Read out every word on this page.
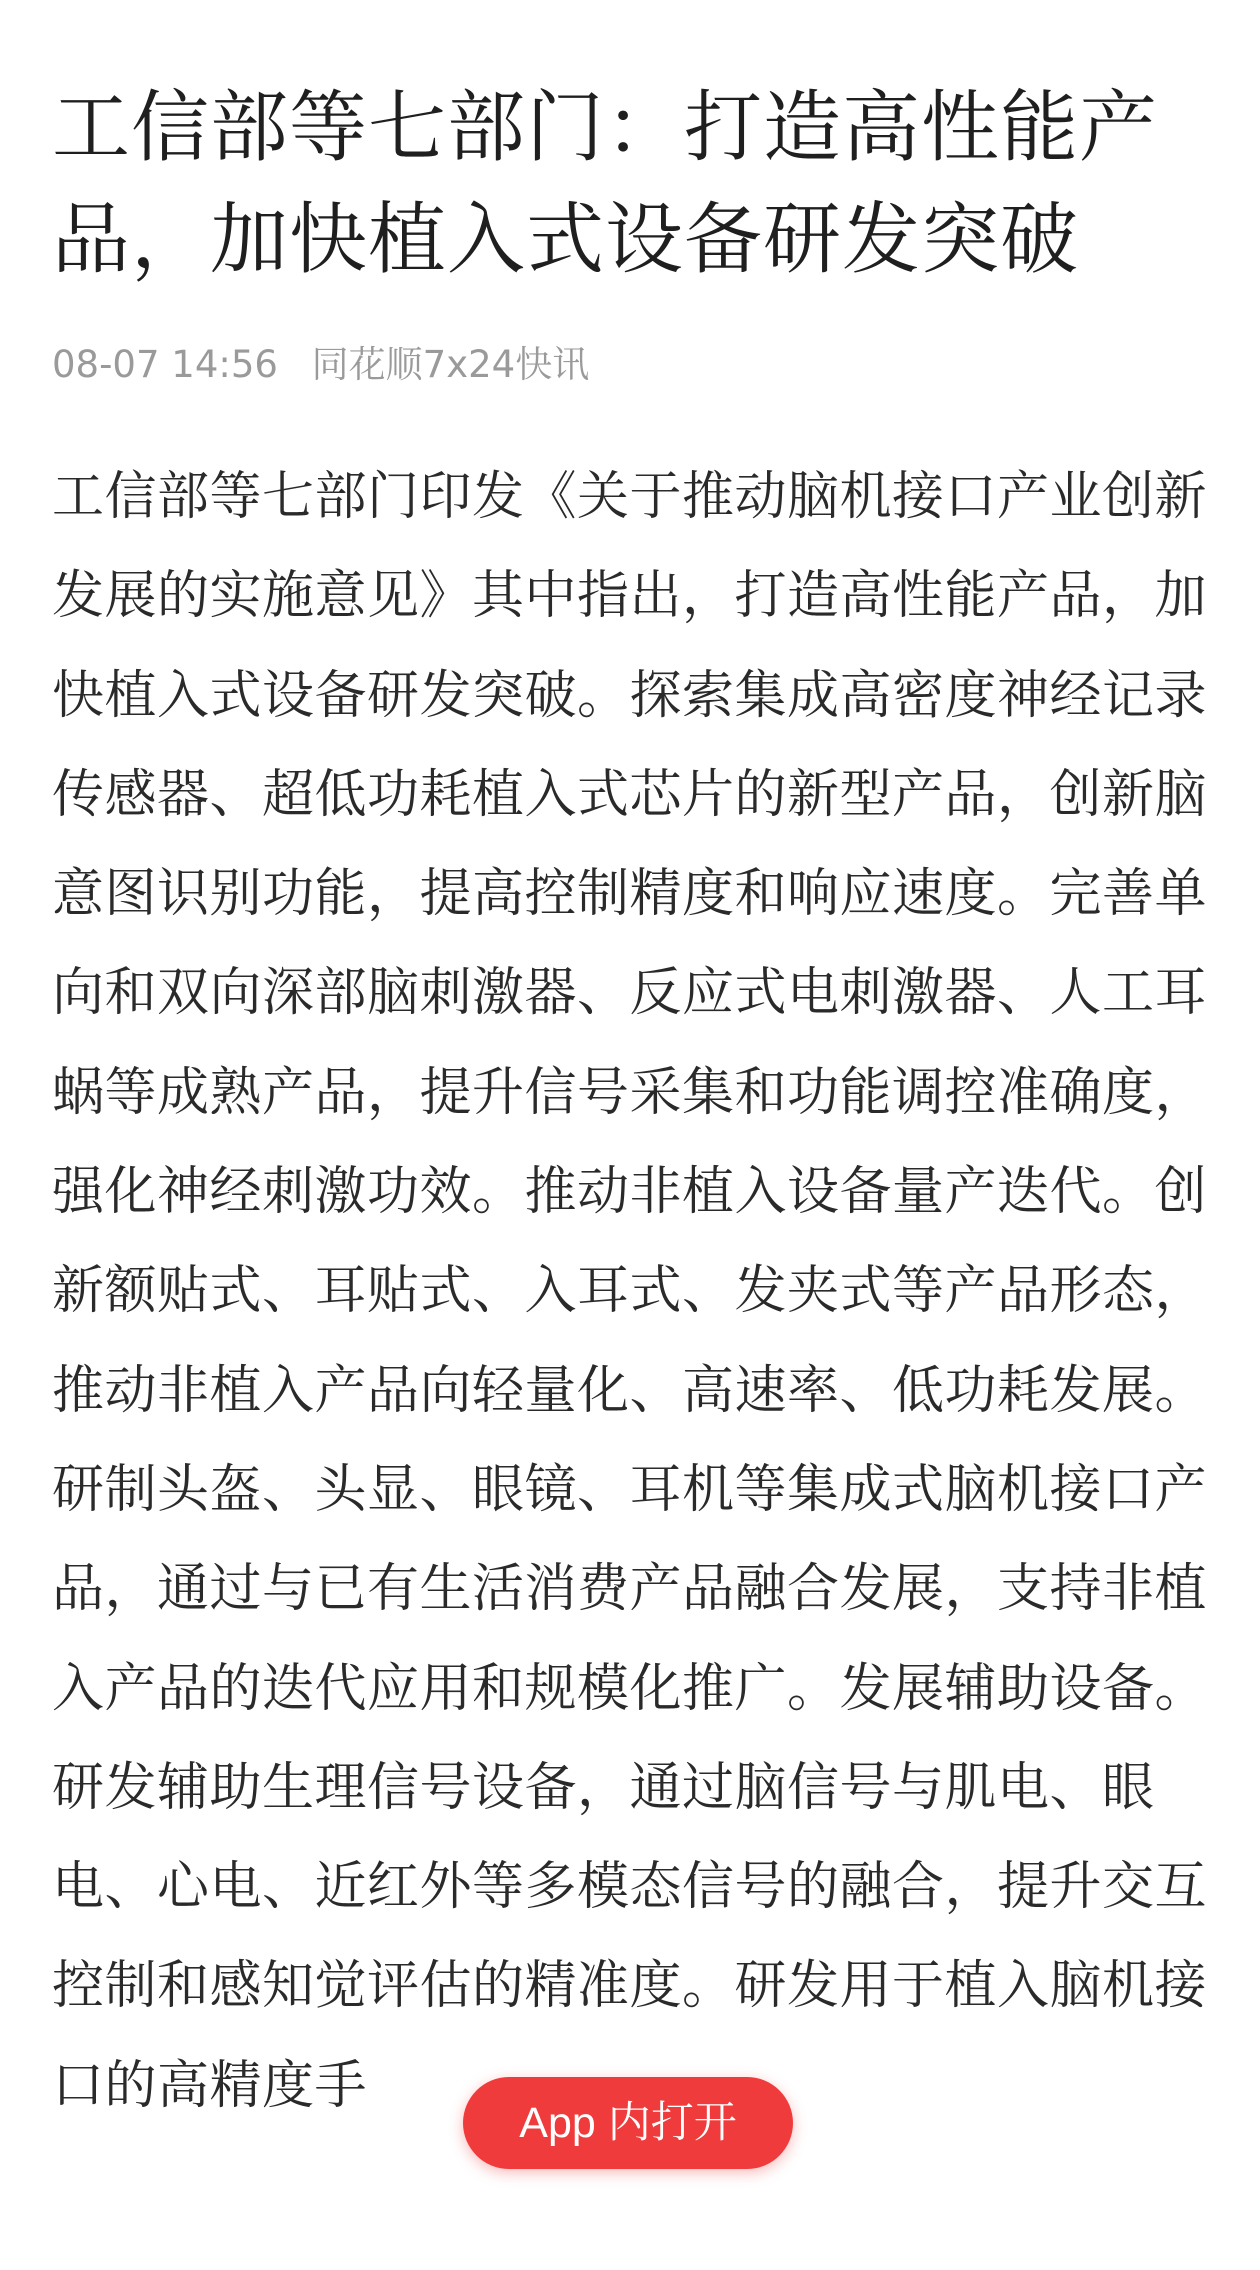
工信部等七部门：打造高性能产品，加快植入式设备研发突破
08-07 14:56 同花顺7x24快讯
工信部等七部门印发《关于推动脑机接口产业创新发展的实施意见》其中指出，打造高性能产品，加快植入式设备研发突破。探索集成高密度神经记录传感器、超低功耗植入式芯片的新型产品，创新脑意图识别功能，提高控制精度和响应速度。完善单向和双向深部脑刺激器、反应式电刺激器、人工耳蜗等成熟产品，提升信号采集和功能调控准确度，强化神经刺激功效。推动非植入设备量产迭代。创新额贴式、耳贴式、入耳式、发夹式等产品形态，推动非植入产品向轻量化、高速率、低功耗发展。研制头盔、头显、眼镜、耳机等集成式脑机接口产品，通过与已有生活消费产品融合发展，支持非植入产品的迭代应用和规模化推广。发展辅助设备。研发辅助生理信号设备，通过脑信号与肌电、眼电、心电、近红外等多模态信号的融合，提升交互控制和感知觉评估的精准度。研发用于植入脑机接口的高精度手
App 内打开
